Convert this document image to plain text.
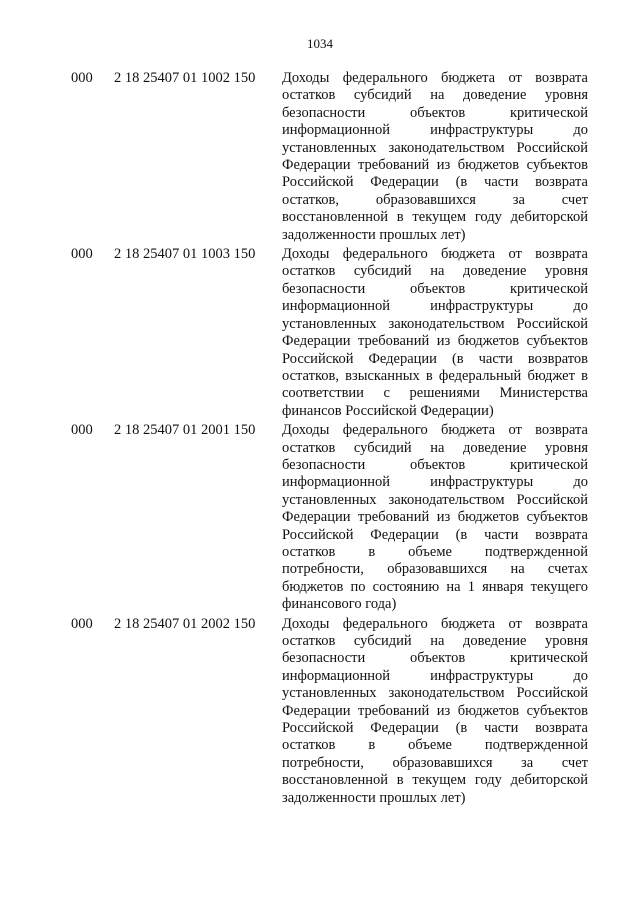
1034
000 2 18 25407 01 1002 150 Доходы федерального бюджета от возврата
остатков субсидий на доведение уровня
безопасности объектов критической
информационной инфраструктуры до
установленных законодательством Российской
Федерации требований из бюджетов субъектов
Российской Федерации (в части возврата
остатков, образовавшихся за счет
восстановленной в текущем году дебиторской
задолженности прошлых лет)
000 2 18 25407 01 1003 150 Доходы федерального бюджета от возврата
остатков субсидий на доведение уровня
безопасности объектов критической
информационной инфраструктуры до
установленных законодательством Российской
Федерации требований из бюджетов субъектов
Российской Федерации (в части возвратов
остатков, взысканных в федеральный бюджет в
соответствии с решениями Министерства
финансов Российской Федерации)
000 2 18 25407 01 2001 150 Доходы федерального бюджета от возврата
остатков субсидий на доведение уровня
безопасности объектов критической
информационной инфраструктуры до
установленных законодательством Российской
Федерации требований из бюджетов субъектов
Российской Федерации (в части возврата
остатков в объеме подтвержденной
потребности, образовавшихся на счетах
бюджетов по состоянию на 1 января текущего
финансового года)
000 2 18 25407 01 2002 150 Доходы федерального бюджета от возврата
остатков субсидий на доведение уровня
безопасности объектов критической
информационной инфраструктуры до
установленных законодательством Российской
Федерации требований из бюджетов субъектов
Российской Федерации (в части возврата
остатков в объеме подтвержденной
потребности, образовавшихся за счет
восстановленной в текущем году дебиторской
задолженности прошлых лет)
